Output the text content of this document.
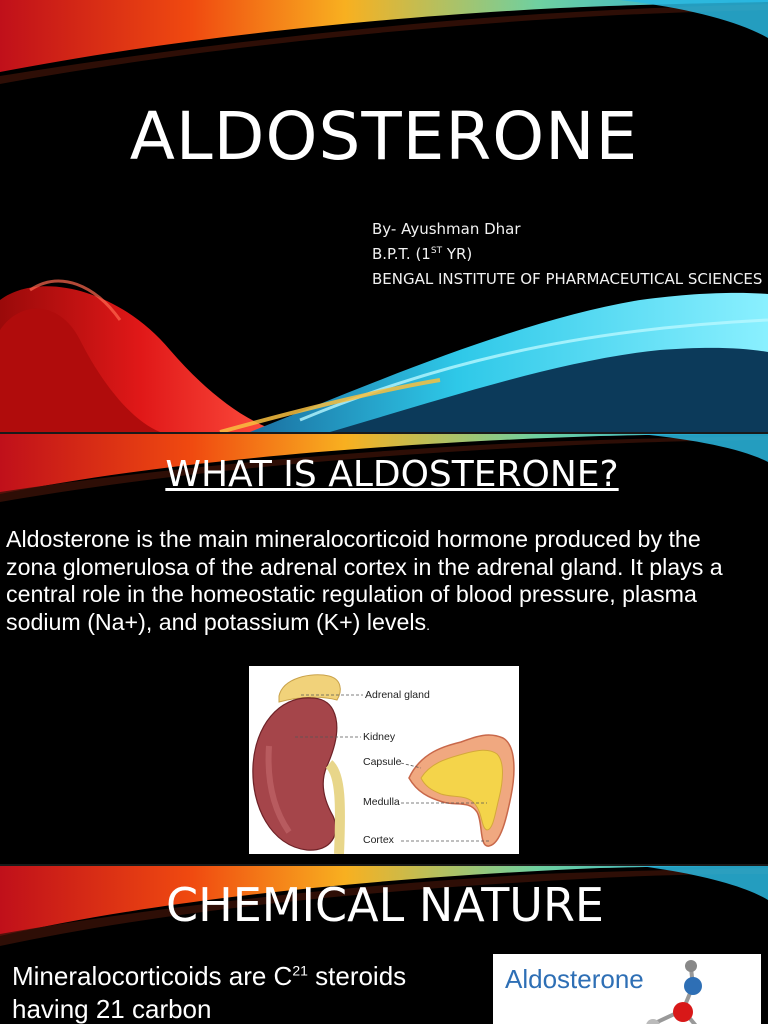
ALDOSTERONE
By- Ayushman Dhar
B.P.T. (1ST YR)
BENGAL INSTITUTE OF PHARMACEUTICAL SCIENCES
WHAT IS ALDOSTERONE?
Aldosterone is the main mineralocorticoid hormone produced by the zona glomerulosa of the adrenal cortex in the adrenal gland. It plays a central role in the homeostatic regulation of blood pressure, plasma sodium (Na+), and potassium (K+) levels.
Adrenal gland
Kidney
Capsule
Medulla
Cortex
CHEMICAL NATURE
Mineralocorticoids are $C^{21}$ steroids having 21 carbon
Aldosterone
